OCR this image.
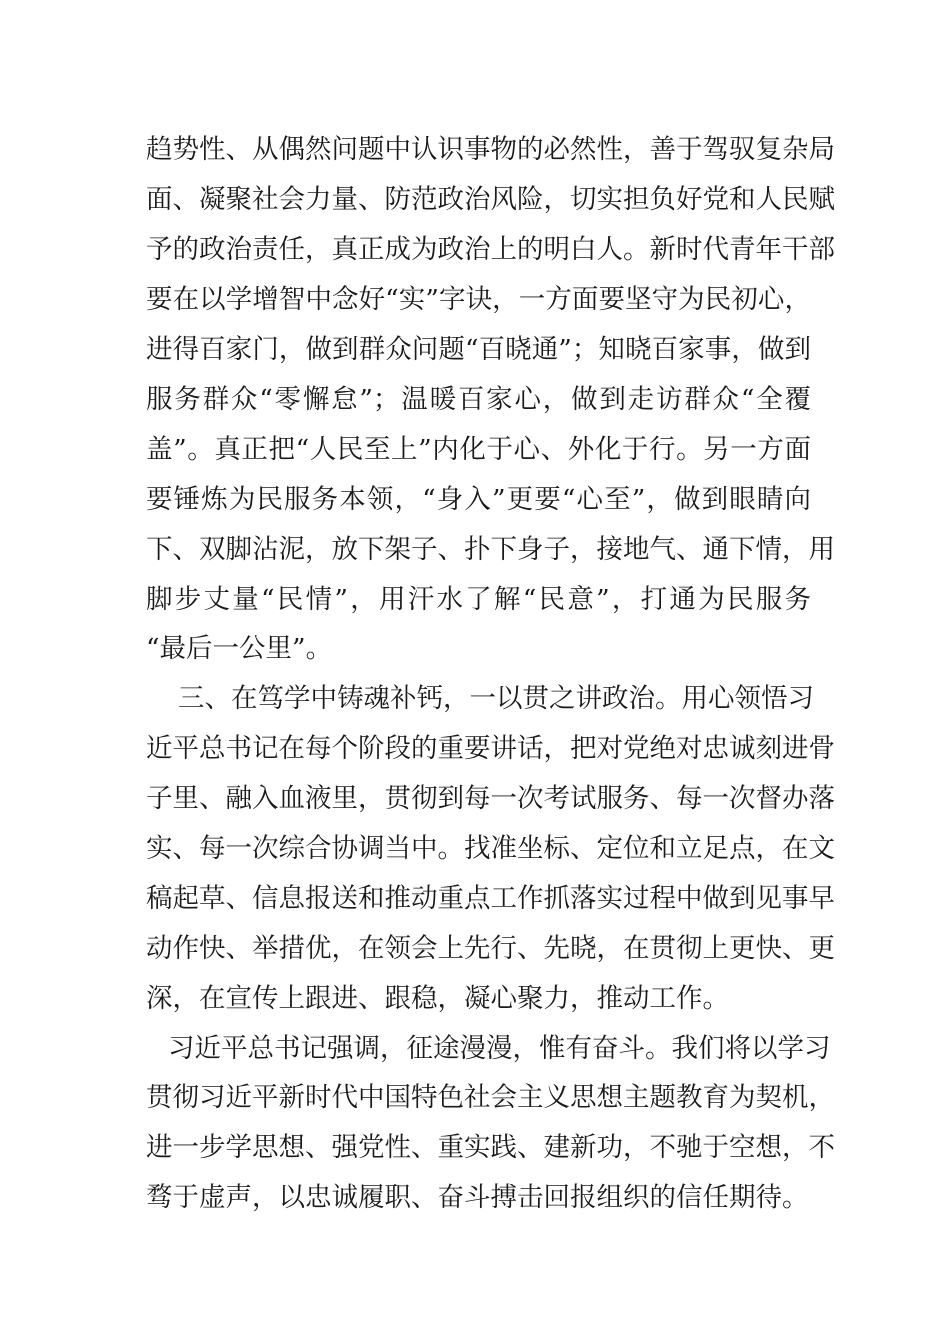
趋势性、从偶然问题中认识事物的必然性，善于驾驭复杂局
面、凝聚社会力量、防范政治风险，切实担负好党和人民赋
予的政治责任，真正成为政治上的明白人。新时代青年干部
要在以学增智中念好“实”字诀，一方面要坚守为民初心，
进得百家门，做到群众问题“百晓通”；知晓百家事，做到
服务群众“零懈怠”；温暖百家心，做到走访群众“全覆
盖”。真正把“人民至上”内化于心、外化于行。另一方面
要锤炼为民服务本领，“身入”更要“心至”，做到眼睛向
下、双脚沾泥，放下架子、扑下身子，接地气、通下情，用
脚步丈量“民情”，用汗水了解“民意”，打通为民服务
“最后一公里”。
三、在笃学中铸魂补钙，一以贯之讲政治。用心领悟习
近平总书记在每个阶段的重要讲话，把对党绝对忠诚刻进骨
子里、融入血液里，贯彻到每一次考试服务、每一次督办落
实、每一次综合协调当中。找准坐标、定位和立足点，在文
稿起草、信息报送和推动重点工作抓落实过程中做到见事早
动作快、举措优，在领会上先行、先晓，在贯彻上更快、更
深，在宣传上跟进、跟稳，凝心聚力，推动工作。
习近平总书记强调，征途漫漫，惟有奋斗。我们将以学习
贯彻习近平新时代中国特色社会主义思想主题教育为契机，
进一步学思想、强党性、重实践、建新功，不驰于空想，不
骛于虚声，以忠诚履职、奋斗搏击回报组织的信任期待。
